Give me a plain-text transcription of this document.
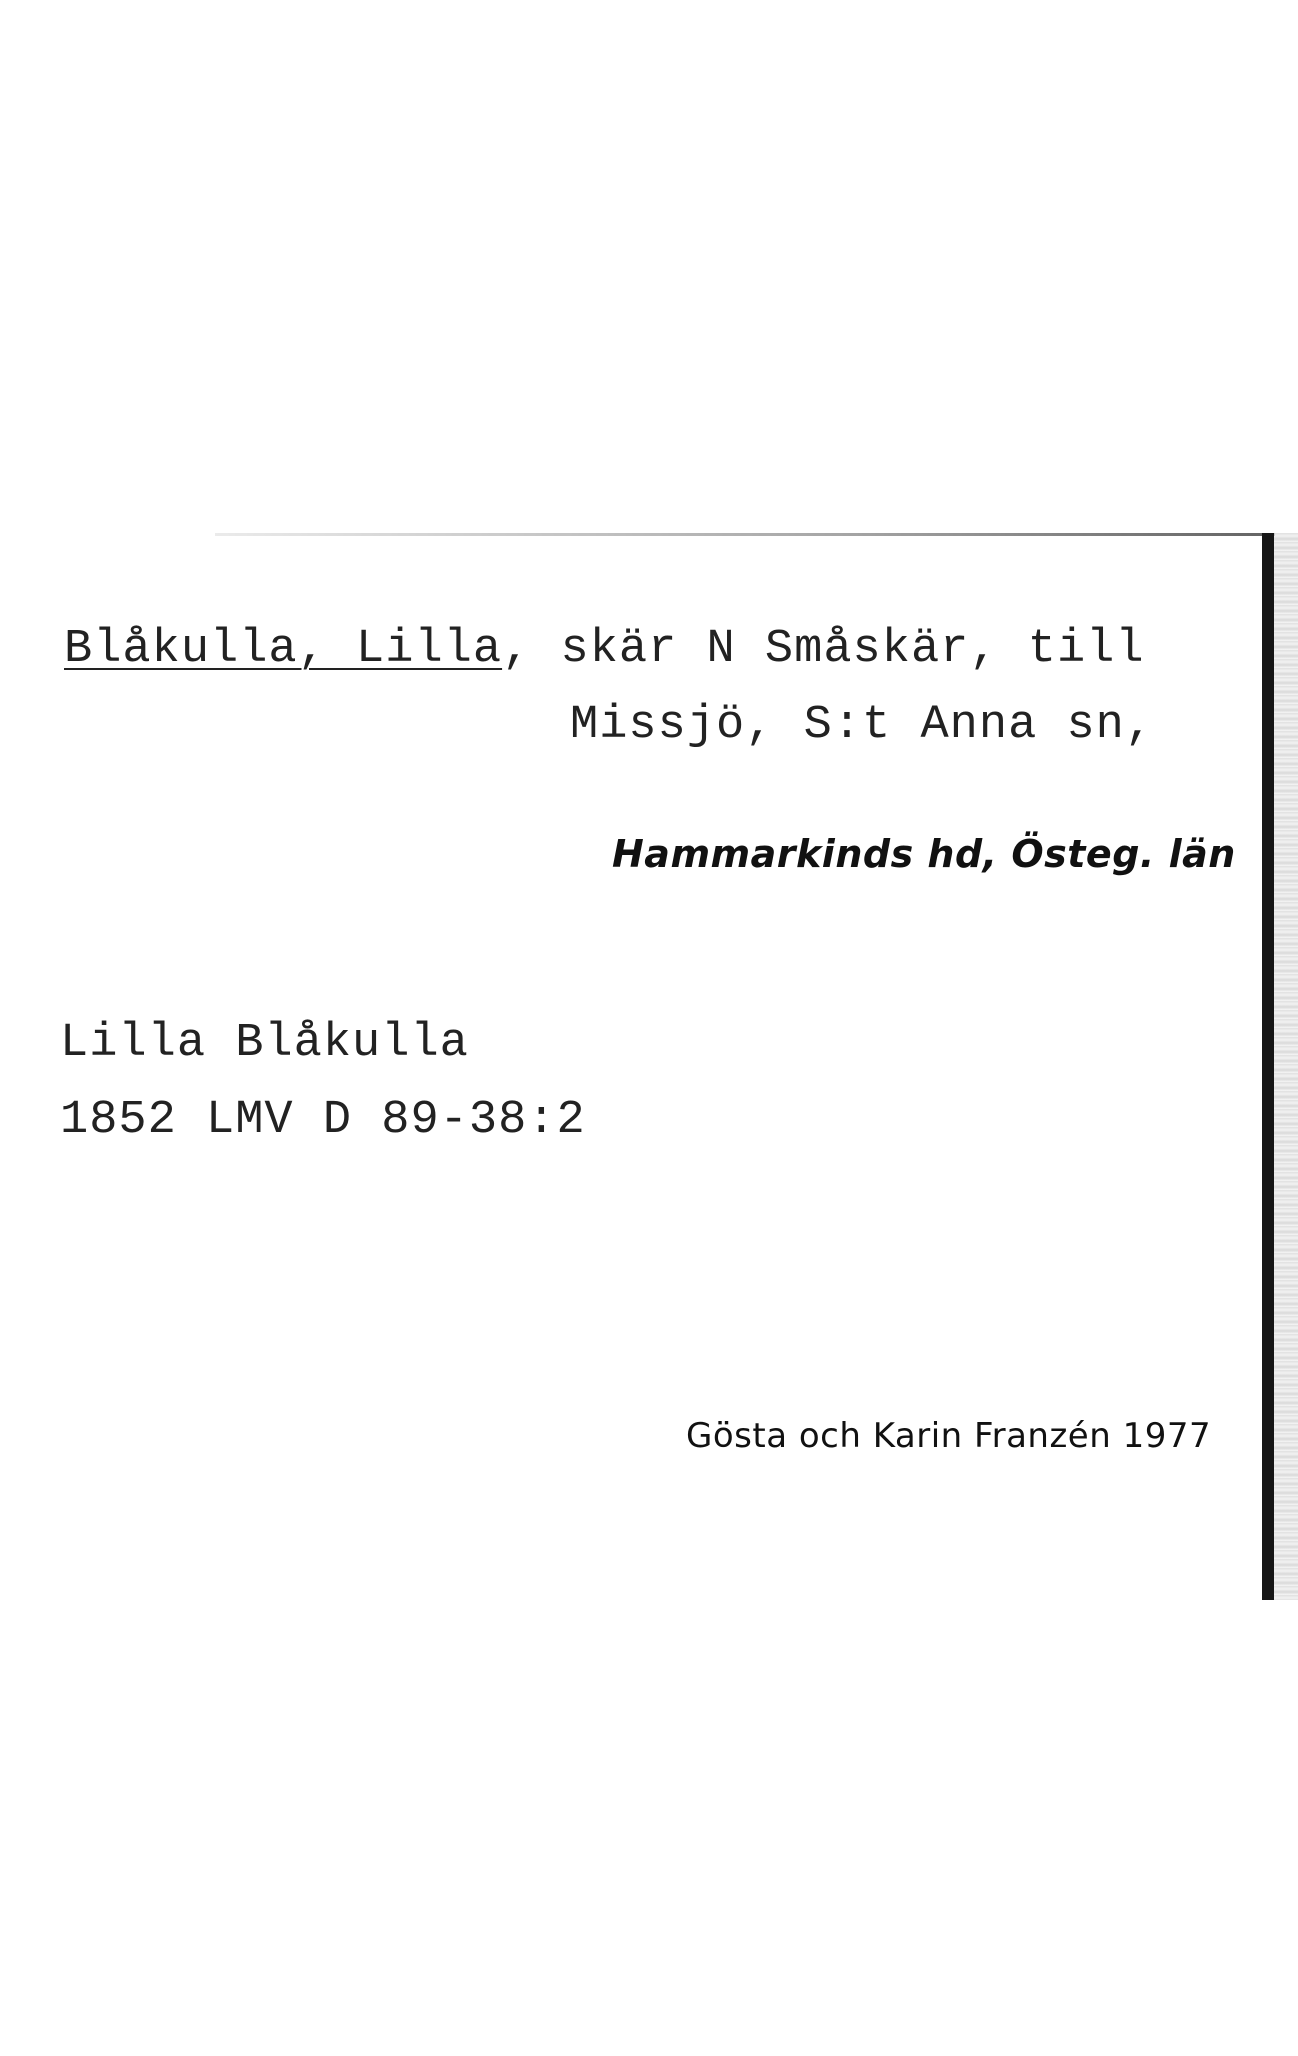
Blåkulla, Lilla, skär N Småskär, till
Missjö, S:t Anna sn,
Hammarkinds hd, Östeg. län
Lilla Blåkulla
1852 LMV D 89-38:2
Gösta och Karin Franzén 1977
